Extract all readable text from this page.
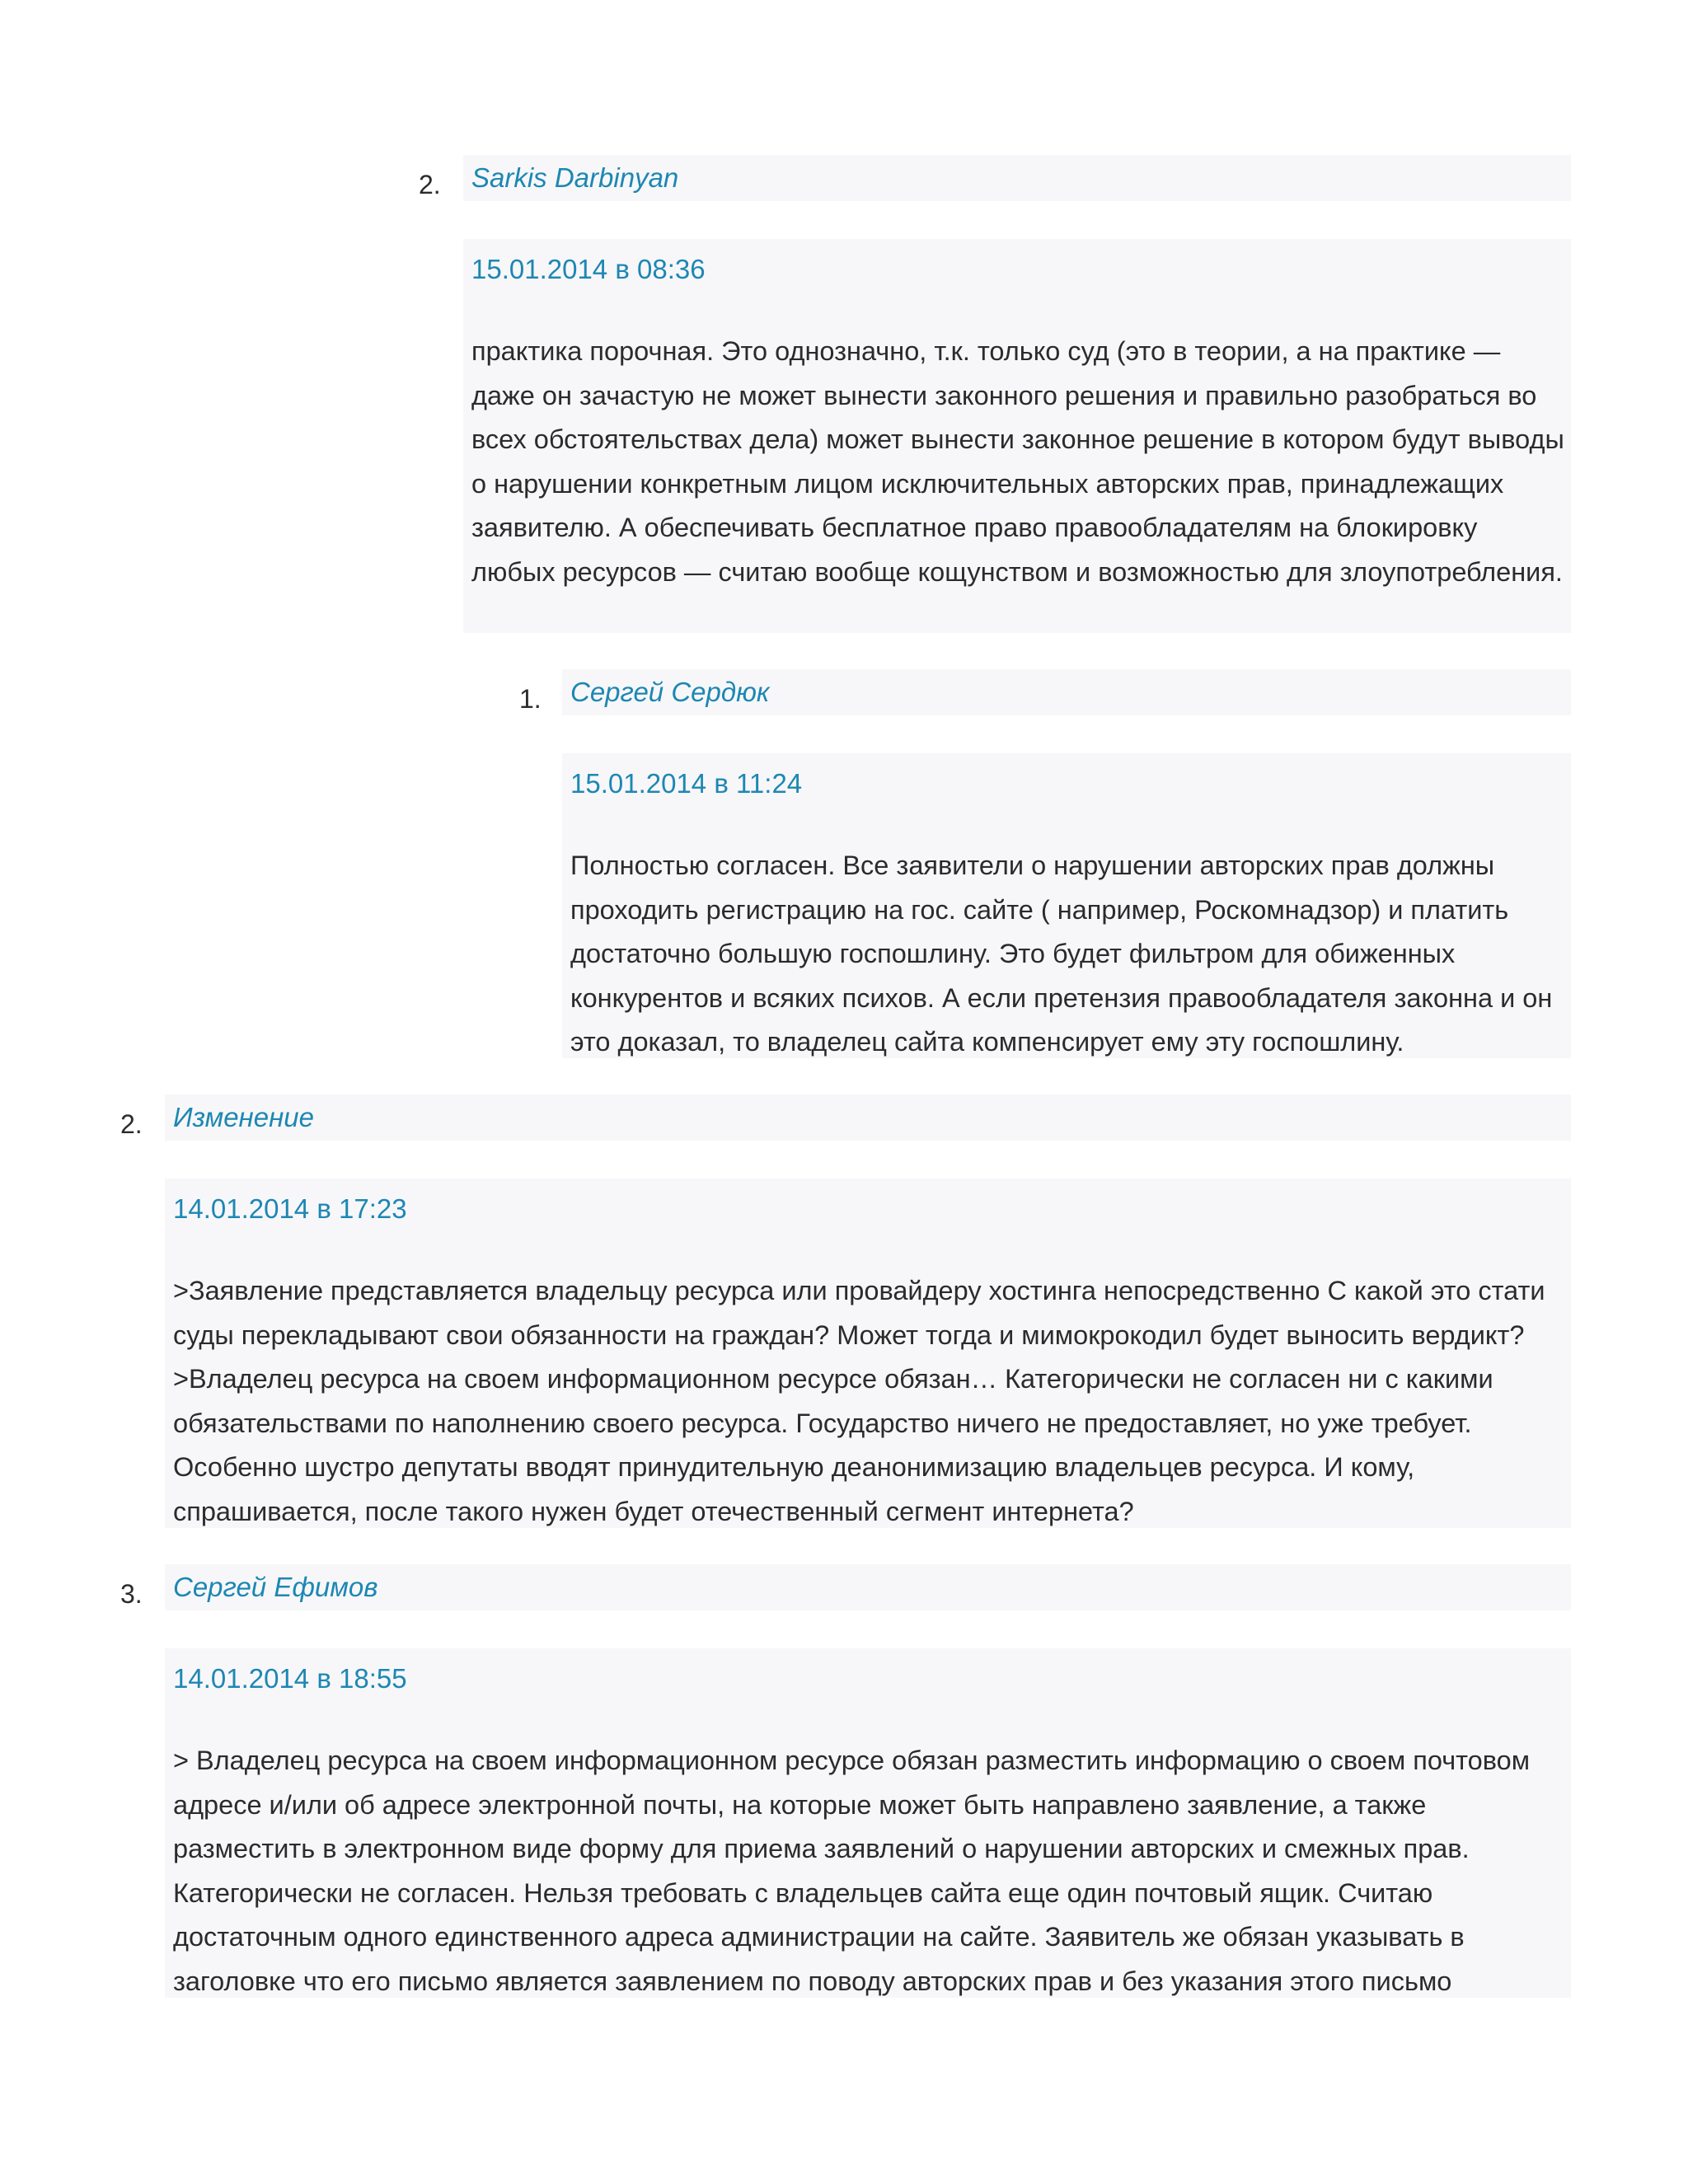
2.	Sarkis Darbinyan
15.01.2014 в 08:36
практика порочная. Это однозначно, т.к. только суд (это в теории, а на практике — даже он зачастую не может вынести законного решения и правильно разобраться во всех обстоятельствах дела) может вынести законное решение в котором будут выводы о нарушении конкретным лицом исключительных авторских прав, принадлежащих заявителю. А обеспечивать бесплатное право правообладателям на блокировку любых ресурсов — считаю вообще кощунством и возможностью для злоупотребления.
1.	Сергей Сердюк
15.01.2014 в 11:24
Полностью согласен. Все заявители о нарушении авторских прав должны проходить регистрацию на гос. сайте ( например, Роскомнадзор) и платить достаточно большую госпошлину. Это будет фильтром для обиженных конкурентов и всяких психов. А если претензия правообладателя законна и он это доказал, то владелец сайта компенсирует ему эту госпошлину.
2.	Изменение
14.01.2014 в 17:23
>Заявление представляется владельцу ресурса или провайдеру хостинга непосредственно С какой это стати суды перекладывают свои обязанности на граждан? Может тогда и мимокрокодил будет выносить вердикт? >Владелец ресурса на своем информационном ресурсе обязан… Категорически не согласен ни с какими обязательствами по наполнению своего ресурса. Государство ничего не предоставляет, но уже требует. Особенно шустро депутаты вводят принудительную деанонимизацию владельцев ресурса. И кому, спрашивается, после такого нужен будет отечественный сегмент интернета?
3.	Сергей Ефимов
14.01.2014 в 18:55
> Владелец ресурса на своем информационном ресурсе обязан разместить информацию о своем почтовом адресе и/или об адресе электронной почты, на которые может быть направлено заявление, а также разместить в электронном виде форму для приема заявлений о нарушении авторских и смежных прав. Категорически не согласен. Нельзя требовать с владельцев сайта еще один почтовый ящик. Считаю достаточным одного единственного адреса администрации на сайте. Заявитель же обязан указывать в заголовке что его письмо является заявлением по поводу авторских прав и без указания этого письмо
